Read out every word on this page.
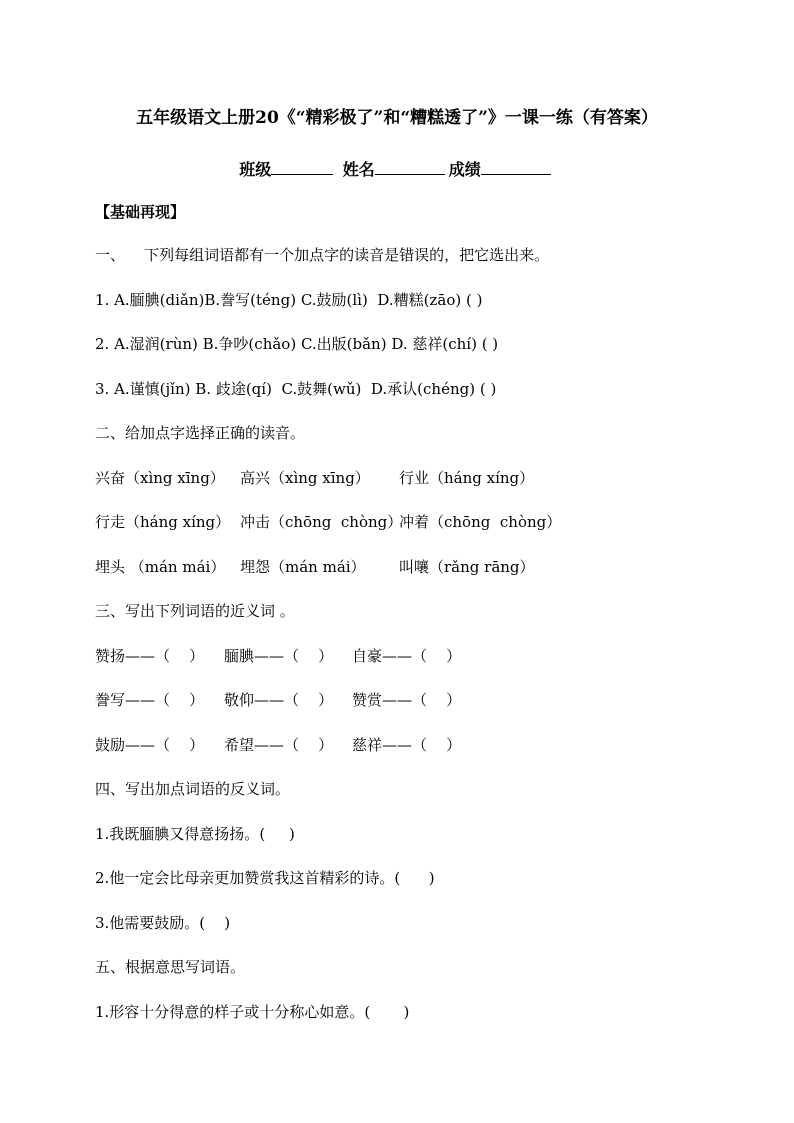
五年级语文上册20《“精彩极了”和“糟糕透了”》一课一练（有答案）
班级	姓名	成绩
【基础再现】
一、    下列每组词语都有一个加点字的读音是错误的，把它选出来。
1. A.腼腆(diǎn)B.誊写(téng) C.鼓励(lì)  D.糟糕(zāo) ( )
2. A.湿润(rùn) B.争吵(chǎo) C.出版(bǎn) D. 慈祥(chí) ( )
3. A.谨慎(jǐn) B. 歧途(qí)  C.鼓舞(wǔ)  D.承认(chéng) ( )
二、给加点字选择正确的读音。
兴奋（xìng xīng） 高兴（xìng xīng） 行业（háng xíng）
行走（háng xíng） 冲击（chōng  chòng）
冲着（chōng  chòng）
埋头 （mán mái） 埋怨（mán mái） 叫嚷（rǎng rāng）
三、写出下列词语的近义词 。
赞扬——（    ） 腼腆——（    ） 自豪——（    ）
誊写——（    ） 敬仰——（    ） 赞赏——（    ）
鼓励——（    ） 希望——（    ） 慈祥——（    ）
四、写出加点词语的反义词。
1.我既腼腆又得意扬扬。(     )
2.他一定会比母亲更加赞赏我这首精彩的诗。(      )
3.他需要鼓励。(    )
五、根据意思写词语。
1.形容十分得意的样子或十分称心如意。(       )
